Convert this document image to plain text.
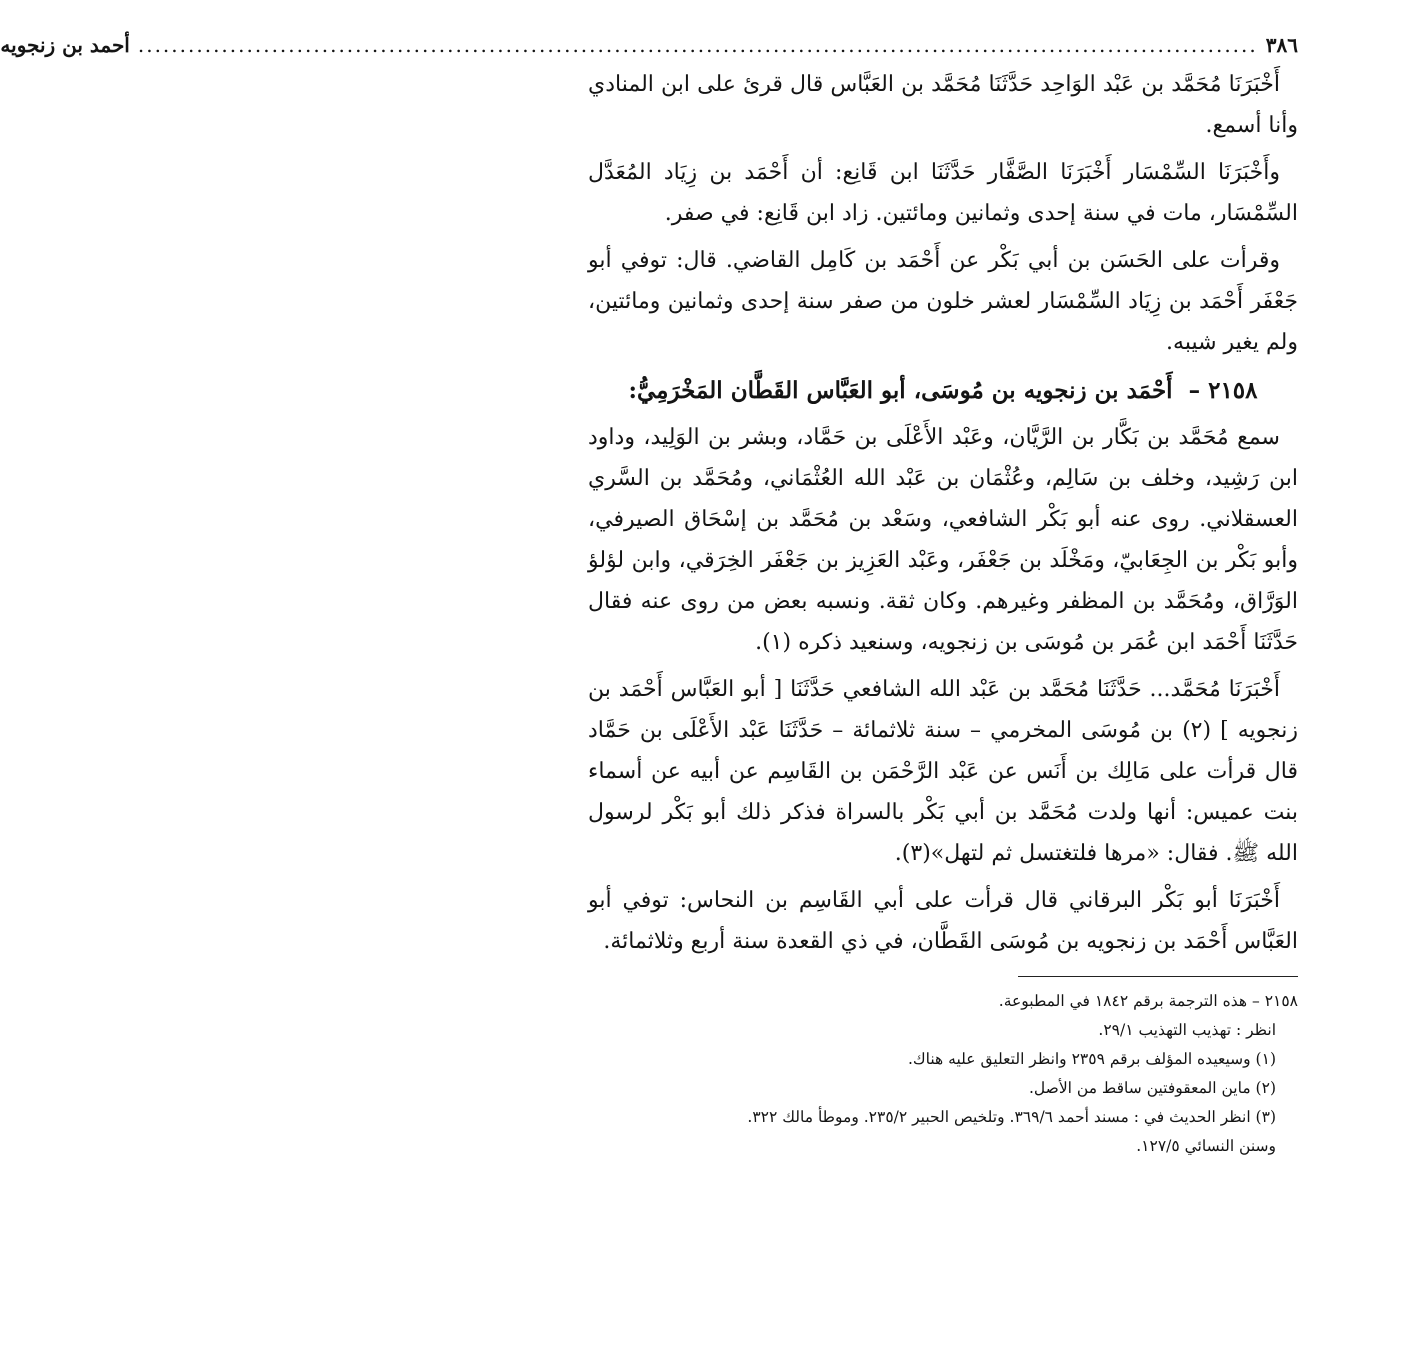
٣٨٦
......................................................................................................................................
أحمد بن زنجويه

أَخْبَرَنَا مُحَمَّد بن عَبْد الوَاحِد حَدَّثَنَا مُحَمَّد بن العَبَّاس قال قرئ على ابن المنادي وأنا أسمع.

وأَخْبَرَنَا السِّمْسَار أَخْبَرَنَا الصَّفَّار حَدَّثَنَا ابن قَانِع: أن أَحْمَد بن زِيَاد المُعَدَّل السِّمْسَار، مات في سنة إحدى وثمانين ومائتين. زاد ابن قَانِع: في صفر.

وقرأت على الحَسَن بن أبي بَكْر عن أَحْمَد بن كَامِل القاضي. قال: توفي أبو جَعْفَر أَحْمَد بن زِيَاد السِّمْسَار لعشر خلون من صفر سنة إحدى وثمانين ومائتين، ولم يغير شيبه.

٢١٥٨ – أَحْمَد بن زنجويه بن مُوسَى، أبو العَبَّاس القَطَّان المَخْرَمِيُّ:

سمع مُحَمَّد بن بَكَّار بن الرَّيَّان، وعَبْد الأَعْلَى بن حَمَّاد، وبشر بن الوَلِيد، وداود ابن رَشِيد، وخلف بن سَالِم، وعُثْمَان بن عَبْد الله العُثْمَاني، ومُحَمَّد بن السَّري العسقلاني. روى عنه أبو بَكْر الشافعي، وسَعْد بن مُحَمَّد بن إسْحَاق الصيرفي، وأبو بَكْر بن الجِعَابيّ، ومَخْلَد بن جَعْفَر، وعَبْد العَزِيز بن جَعْفَر الخِرَقي، وابن لؤلؤ الوَرَّاق، ومُحَمَّد بن المظفر وغيرهم. وكان ثقة. ونسبه بعض من روى عنه فقال حَدَّثَنَا أَحْمَد ابن عُمَر بن مُوسَى بن زنجويه، وسنعيد ذكره (١).

أَخْبَرَنَا مُحَمَّد... حَدَّثَنَا مُحَمَّد بن عَبْد الله الشافعي حَدَّثَنَا [ أبو العَبَّاس أَحْمَد بن زنجويه ] (٢) بن مُوسَى المخرمي – سنة ثلاثمائة – حَدَّثَنَا عَبْد الأَعْلَى بن حَمَّاد قال قرأت على مَالِك بن أَنَس عن عَبْد الرَّحْمَن بن القَاسِم عن أبيه عن أسماء بنت عميس: أنها ولدت مُحَمَّد بن أبي بَكْر بالسراة فذكر ذلك أبو بَكْر لرسول الله ﷺ. فقال: «مرها فلتغتسل ثم لتهل»(٣).

أَخْبَرَنَا أبو بَكْر البرقاني قال قرأت على أبي القَاسِم بن النحاس: توفي أبو العَبَّاس أَحْمَد بن زنجويه بن مُوسَى القَطَّان، في ذي القعدة سنة أربع وثلاثمائة.

٢١٥٨ – هذه الترجمة برقم ١٨٤٢ في المطبوعة.

انظر : تهذيب التهذيب ٢٩/١.

(١) وسيعيده المؤلف برقم ٢٣٥٩ وانظر التعليق عليه هناك.

(٢) ماين المعقوفتين ساقط من الأصل.

(٣) انظر الحديث في : مسند أحمد ٣٦٩/٦. وتلخيص الحبير ٢٣٥/٢. وموطأ مالك ٣٢٢.

وسنن النسائي ١٢٧/٥.
